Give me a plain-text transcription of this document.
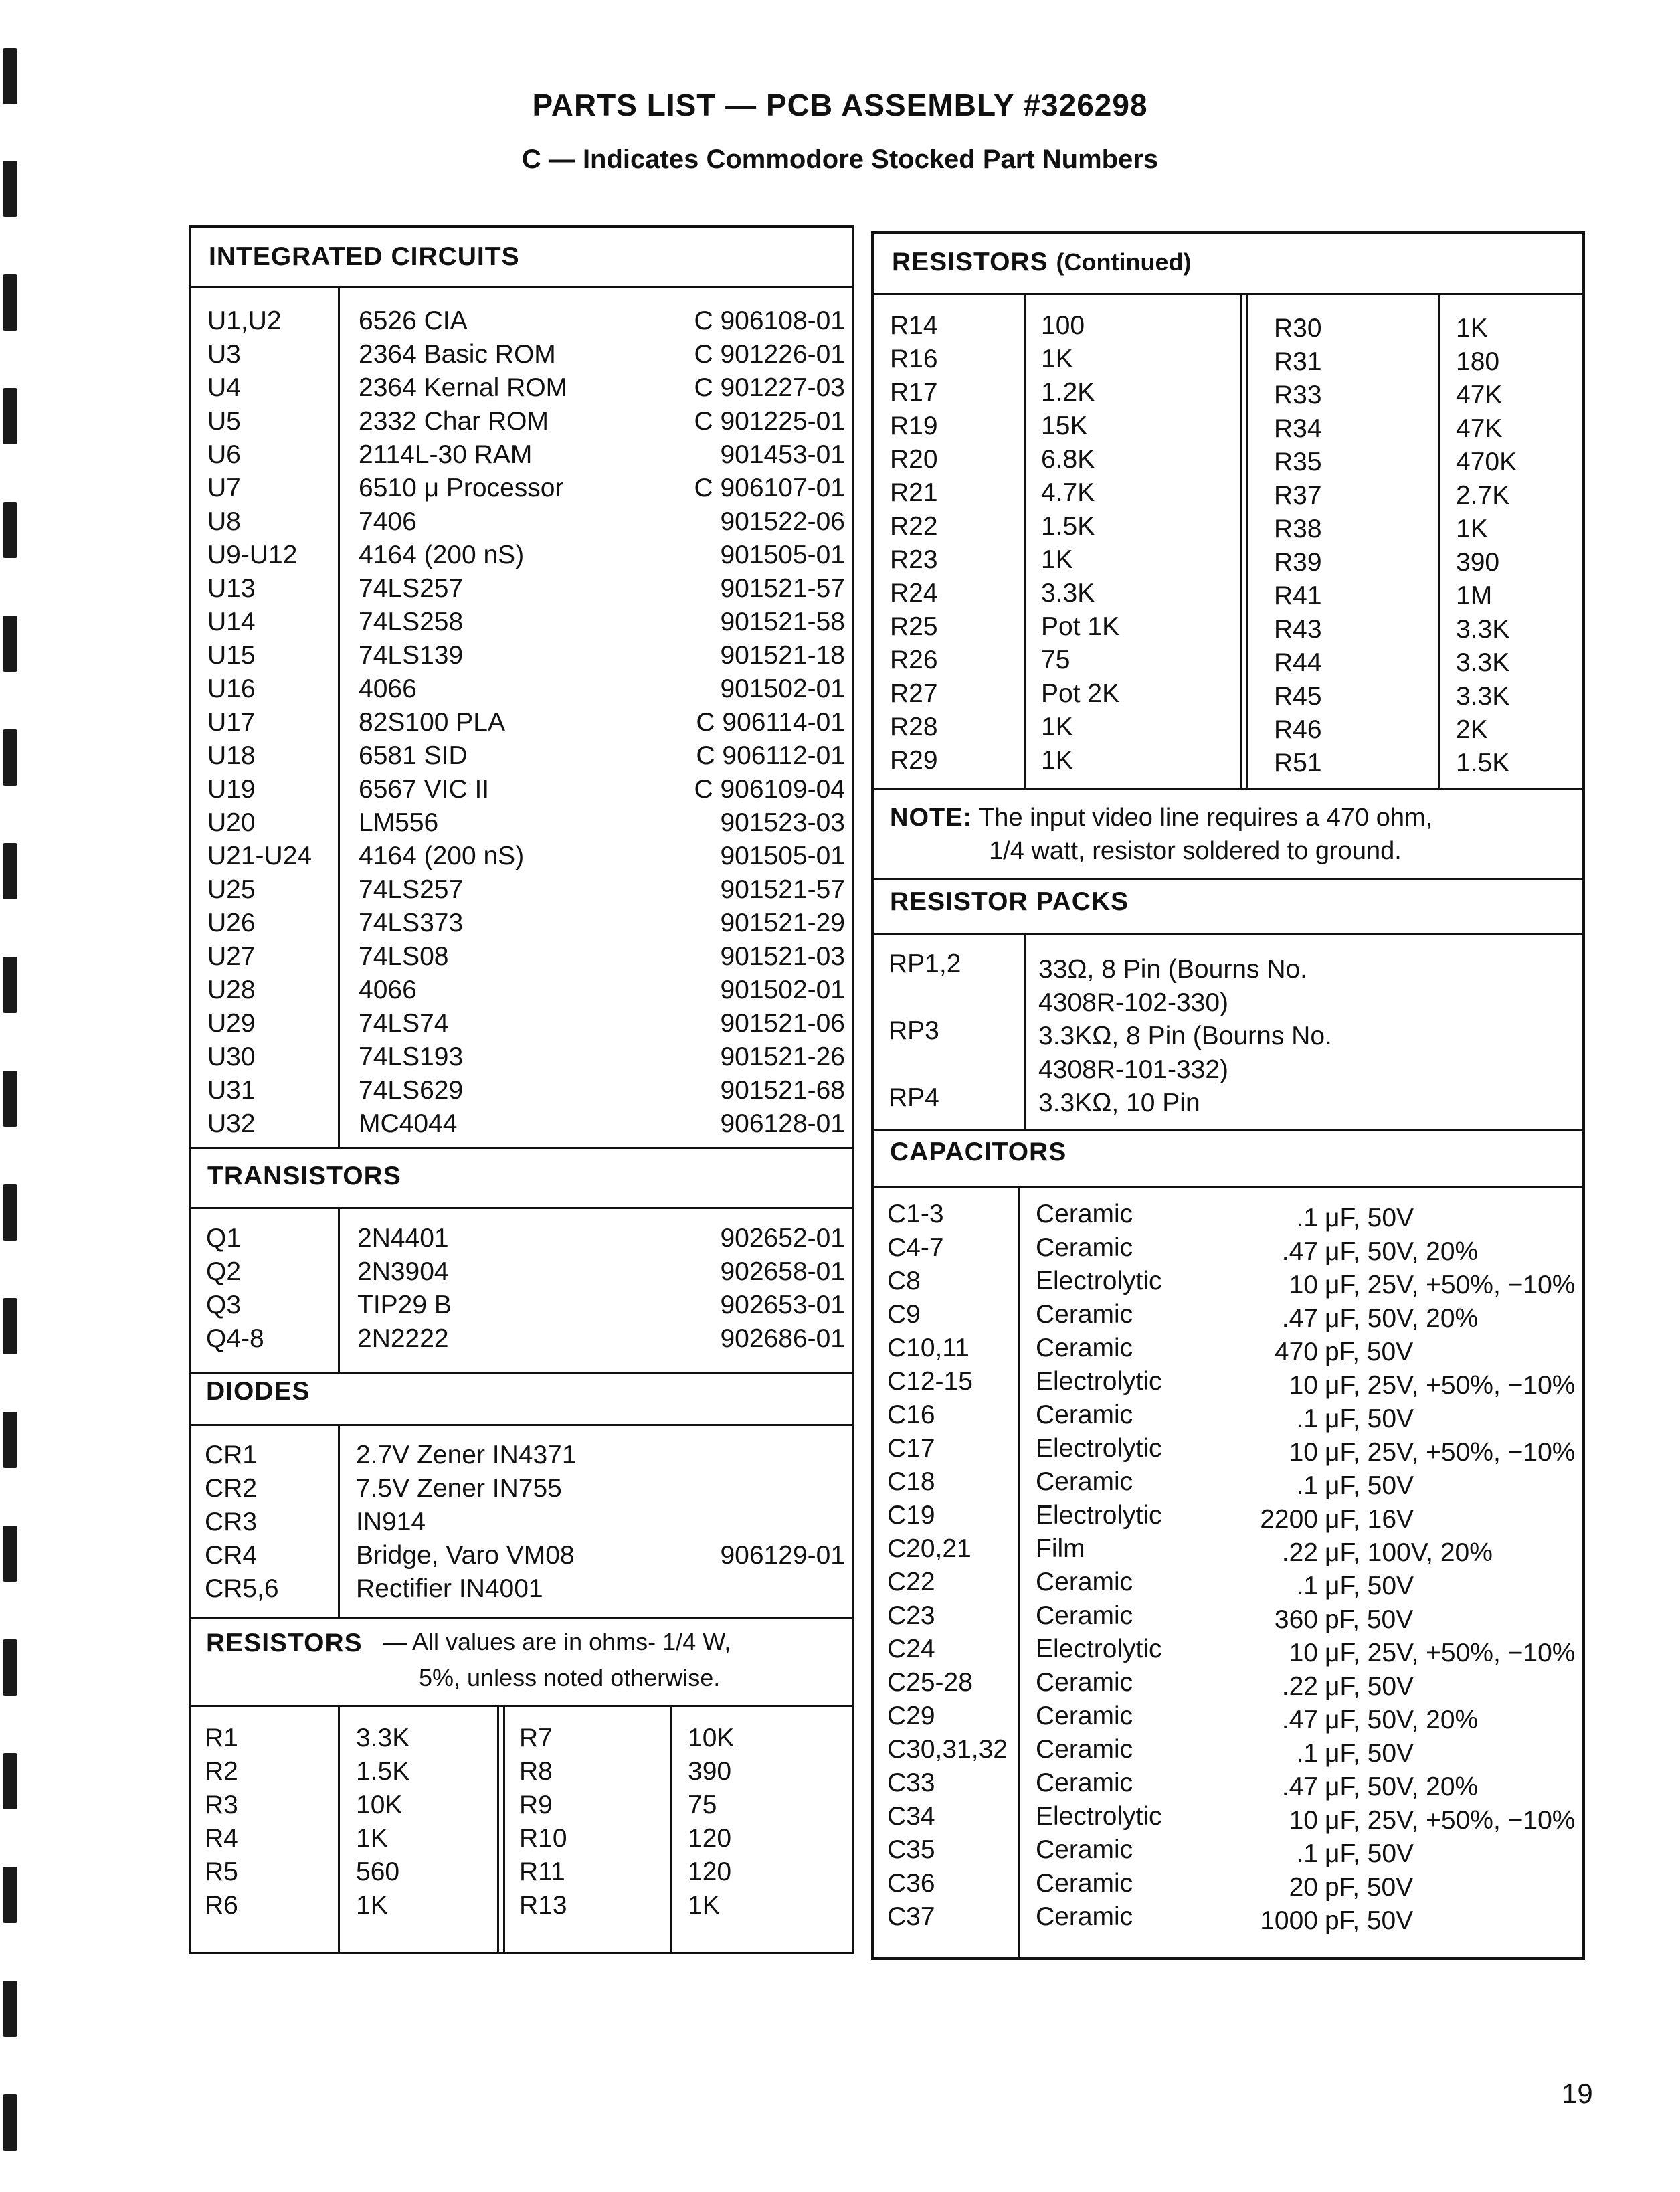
PARTS LIST — PCB ASSEMBLY #326298
C — Indicates Commodore Stocked Part Numbers
INTEGRATED CIRCUITS
U1,U2	6526 CIA	C 906108-01
U3	2364 Basic ROM	C 901226-01
U4	2364 Kernal ROM	C 901227-03
U5	2332 Char ROM	C 901225-01
U6	2114L-30 RAM	901453-01
U7	6510 μ Processor	C 906107-01
U8	7406	901522-06
U9-U12 4164 (200 nS)	901505-01
U13	74LS257	901521-57
U14	74LS258	901521-58
U15	74LS139	901521-18
U16	4066	901502-01
U17	82S100 PLA	C 906114-01
U18	6581 SID	C 906112-01
U19	6567 VIC II	C 906109-04
U20	LM556	901523-03
U21-U24 4164 (200 nS)	901505-01
U25	74LS257	901521-57
U26	74LS373	901521-29
U27	74LS08	901521-03
U28	4066	901502-01
U29	74LS74	901521-06
U30	74LS193	901521-26
U31	74LS629	901521-68
U32	MC4044	906128-01
TRANSISTORS
Q1	2N4401	902652-01
Q2	2N3904	902658-01
Q3	TIP29 B	902653-01
Q4-8	2N2222	902686-01
DIODES
CR1	2.7V Zener IN4371
CR2	7.5V Zener IN755
CR3	IN914
CR4	Bridge, Varo VM08	906129-01
CR5,6	Rectifier IN4001
RESISTORS — All values are in ohms- 1/4 W,
5%, unless noted otherwise.
R1	3.3K
R2	1.5K
R3	10K
R4	1K
R5	560
R6	1K
R7	10K
R8	390
R9	75
R10	120
R11	120
R13	1K
RESISTORS (Continued)
R14	100
R16	1K
R17	1.2K
R19	15K
R20	6.8K
R21	4.7K
R22	1.5K
R23	1K
R24	3.3K
R25	Pot 1K
R26	75
R27	Pot 2K
R28	1K
R29	1K
R30	1K
R31	180
R33	47K
R34	47K
R35	470K
R37	2.7K
R38	1K
R39	390
R41	1M
R43	3.3K
R44	3.3K
R45	3.3K
R46	2K
R51	1.5K
NOTE: The input video line requires a 470 ohm,
1/4 watt, resistor soldered to ground.
RESISTOR PACKS
RP1,2	33Ω, 8 Pin (Bourns No.
4308R-102-330)
RP3	3.3KΩ, 8 Pin (Bourns No.
4308R-101-332)
RP4	3.3KΩ, 10 Pin
CAPACITORS
C1-3	Ceramic	.1 μF, 50V
C4-7	Ceramic	.47 μF, 50V, 20%
C8	Electrolytic	10 μF, 25V, +50%, −10%
C9	Ceramic	.47 μF, 50V, 20%
C10,11	Ceramic	470 pF, 50V
C12-15 Electrolytic	10 μF, 25V, +50%, −10%
C16	Ceramic	.1 μF, 50V
C17	Electrolytic	10 μF, 25V, +50%, −10%
C18	Ceramic	.1 μF, 50V
C19	Electrolytic	2200 μF, 16V
C20,21 Film	.22 μF, 100V, 20%
C22	Ceramic	.1 μF, 50V
C23	Ceramic	360 pF, 50V
C24	Electrolytic	10 μF, 25V, +50%, −10%
C25-28 Ceramic	.22 μF, 50V
C29	Ceramic	.47 μF, 50V, 20%
C30,31,32 Ceramic	.1 μF, 50V
C33	Ceramic	.47 μF, 50V, 20%
C34	Electrolytic	10 μF, 25V, +50%, −10%
C35	Ceramic	.1 μF, 50V
C36	Ceramic	20 pF, 50V
C37	Ceramic	1000 pF, 50V
19
